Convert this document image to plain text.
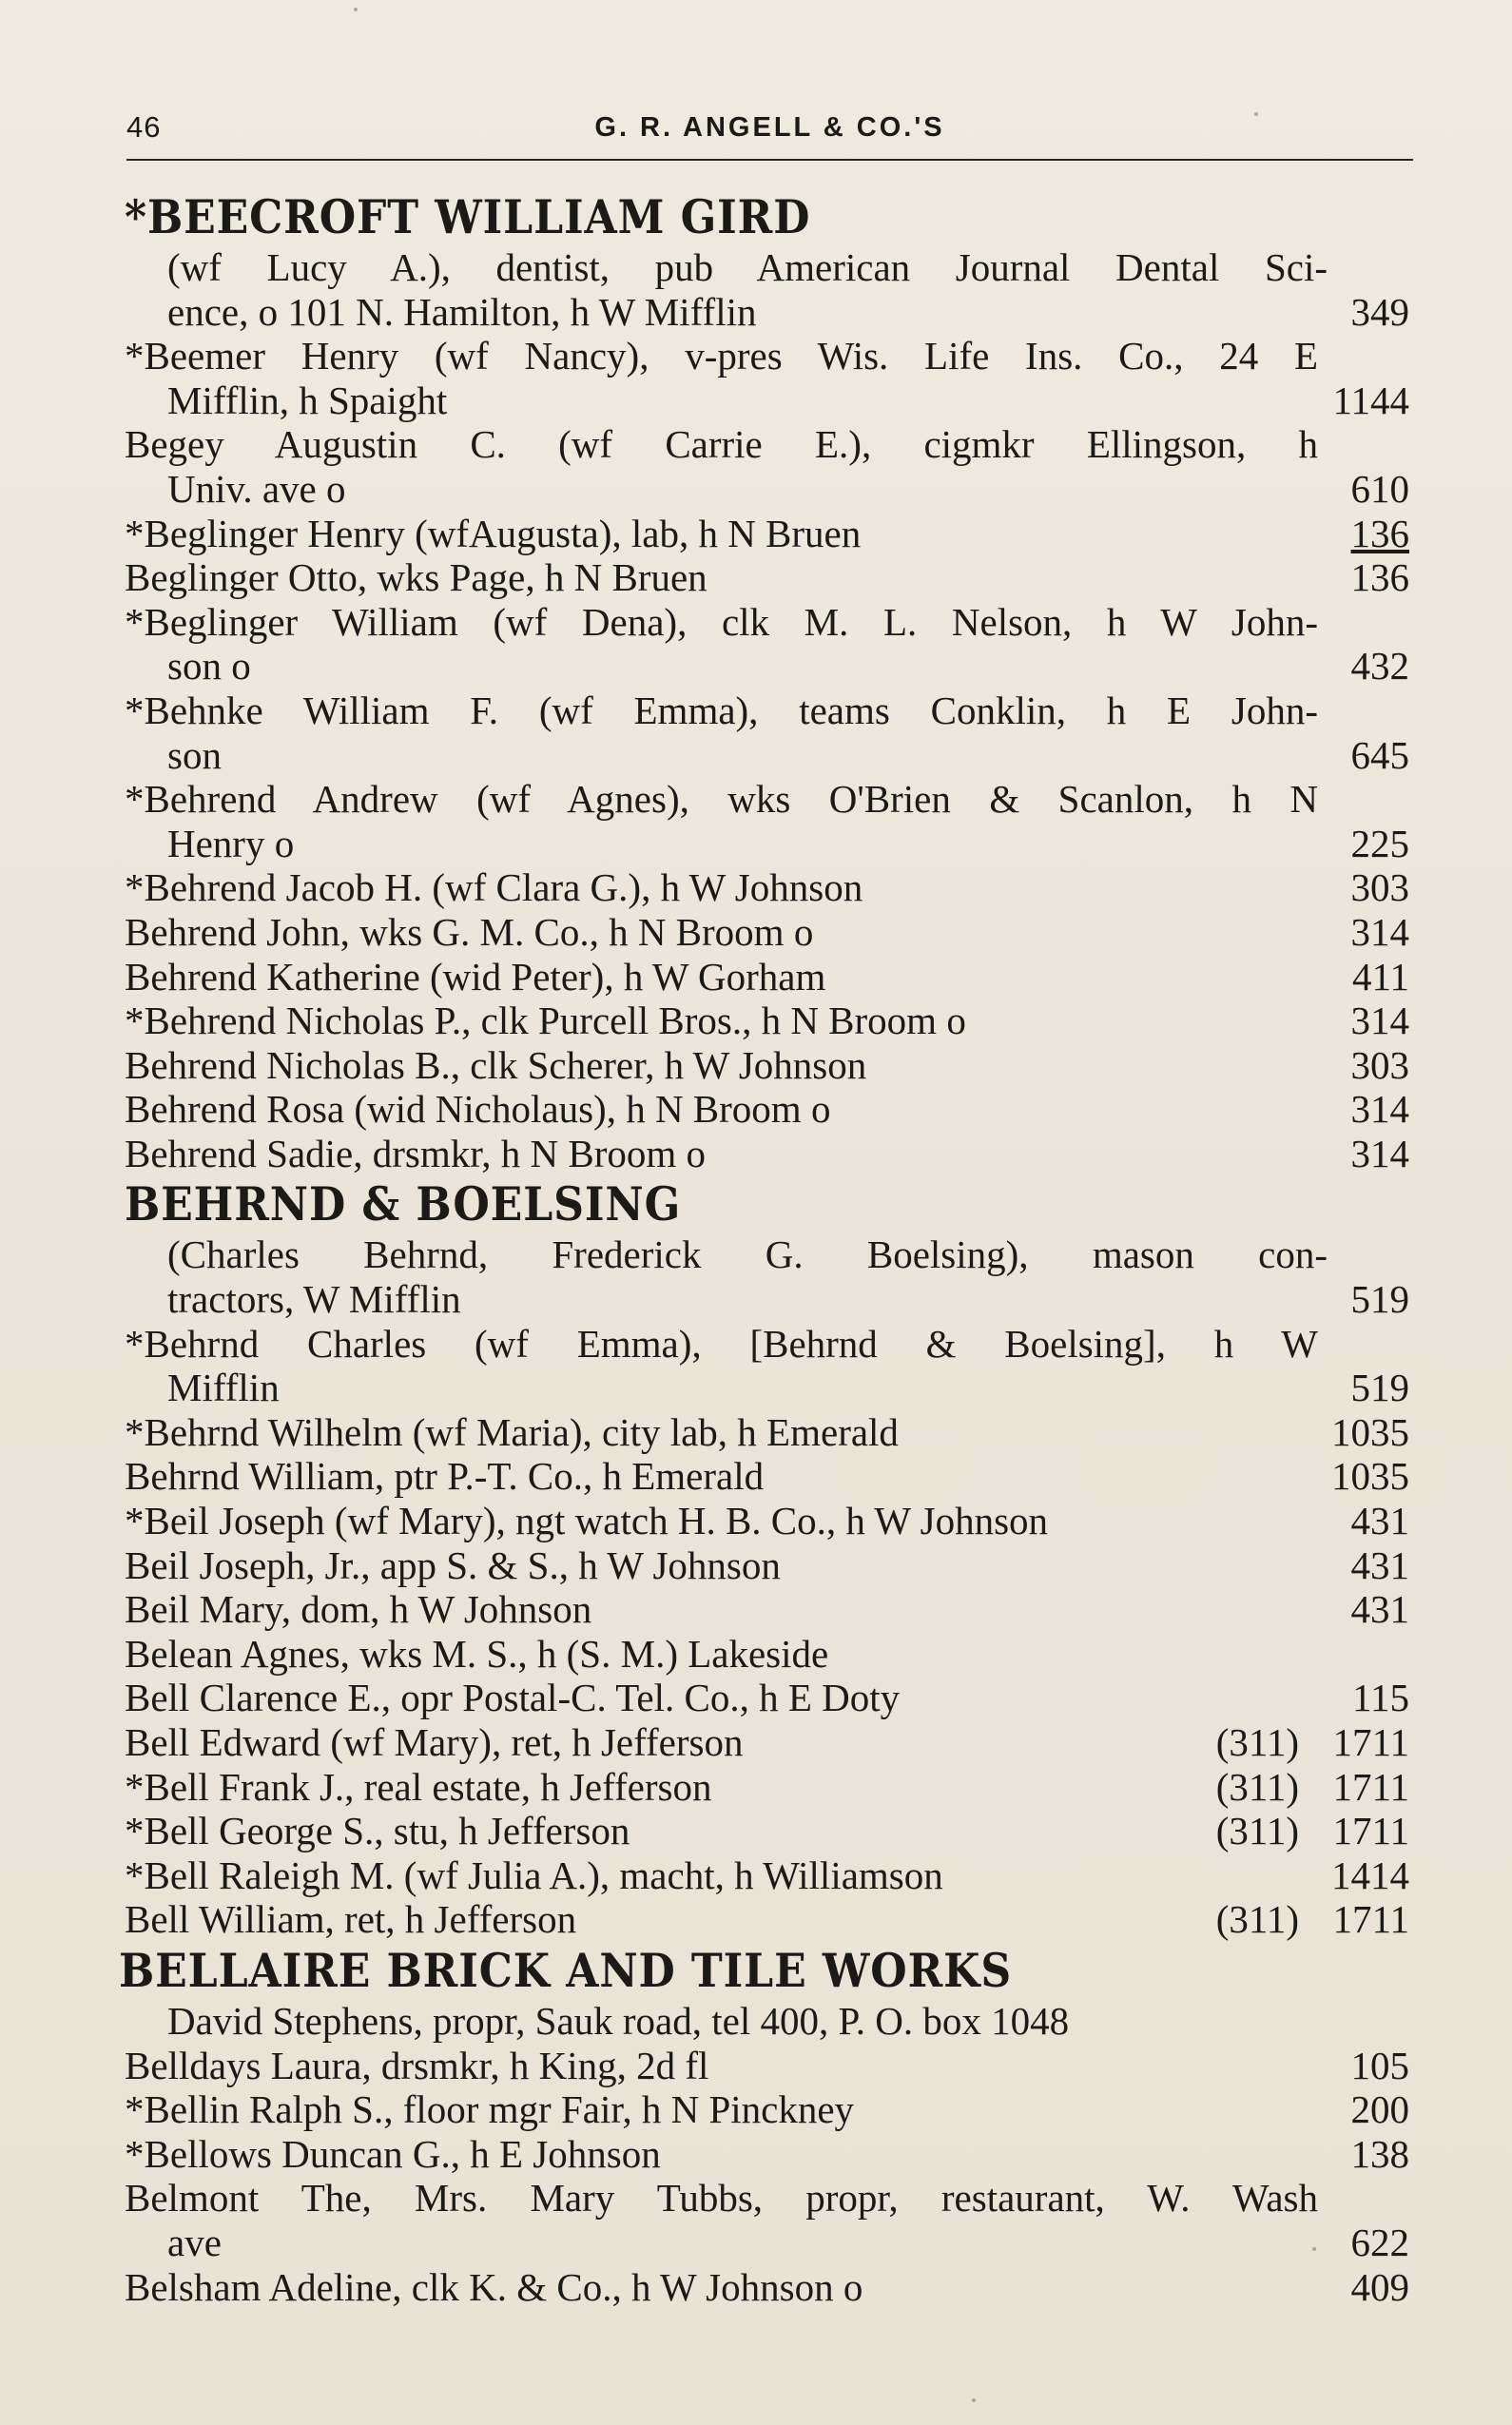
46	G. R. ANGELL & CO.'S
*BEECROFT WILLIAM GIRD
(wf Lucy A.), dentist, pub American Journal Dental Sci-
ence, o 101 N. Hamilton, h W Mifflin	349
*Beemer Henry (wf Nancy), v-pres Wis. Life Ins. Co., 24 E
Mifflin, h Spaight	1144
Begey Augustin C. (wf Carrie E.), cigmkr Ellingson, h
Univ. ave o	610
*Beglinger Henry (wfAugusta), lab, h N Bruen	136
Beglinger Otto, wks Page, h N Bruen	136
*Beglinger William (wf Dena), clk M. L. Nelson, h W John-
son o	432
*Behnke William F. (wf Emma), teams Conklin, h E John-
son	645
*Behrend Andrew (wf Agnes), wks O'Brien & Scanlon, h N
Henry o	225
*Behrend Jacob H. (wf Clara G.), h W Johnson	303
Behrend John, wks G. M. Co., h N Broom o	314
Behrend Katherine (wid Peter), h W Gorham	411
*Behrend Nicholas P., clk Purcell Bros., h N Broom o	314
Behrend Nicholas B., clk Scherer, h W Johnson	303
Behrend Rosa (wid Nicholaus), h N Broom o	314
Behrend Sadie, drsmkr, h N Broom o	314
BEHRND & BOELSING
(Charles Behrnd, Frederick G. Boelsing), mason con-
tractors, W Mifflin	519
*Behrnd Charles (wf Emma), [Behrnd & Boelsing], h W
Mifflin	519
*Behrnd Wilhelm (wf Maria), city lab, h Emerald	1035
Behrnd William, ptr P.-T. Co., h Emerald	1035
*Beil Joseph (wf Mary), ngt watch H. B. Co., h W Johnson	431
Beil Joseph, Jr., app S. & S., h W Johnson	431
Beil Mary, dom, h W Johnson	431
Belean Agnes, wks M. S., h (S. M.) Lakeside
Bell Clarence E., opr Postal-C. Tel. Co., h E Doty	115
Bell Edward (wf Mary), ret, h Jefferson	(311) 1711
*Bell Frank J., real estate, h Jefferson	(311) 1711
*Bell George S., stu, h Jefferson	(311) 1711
*Bell Raleigh M. (wf Julia A.), macht, h Williamson	1414
Bell William, ret, h Jefferson	(311) 1711
BELLAIRE BRICK AND TILE WORKS
David Stephens, propr, Sauk road, tel 400, P. O. box 1048
Belldays Laura, drsmkr, h King, 2d fl	105
*Bellin Ralph S., floor mgr Fair, h N Pinckney	200
*Bellows Duncan G., h E Johnson	138
Belmont The, Mrs. Mary Tubbs, propr, restaurant, W. Wash
ave	622
Belsham Adeline, clk K. & Co., h W Johnson o	409
